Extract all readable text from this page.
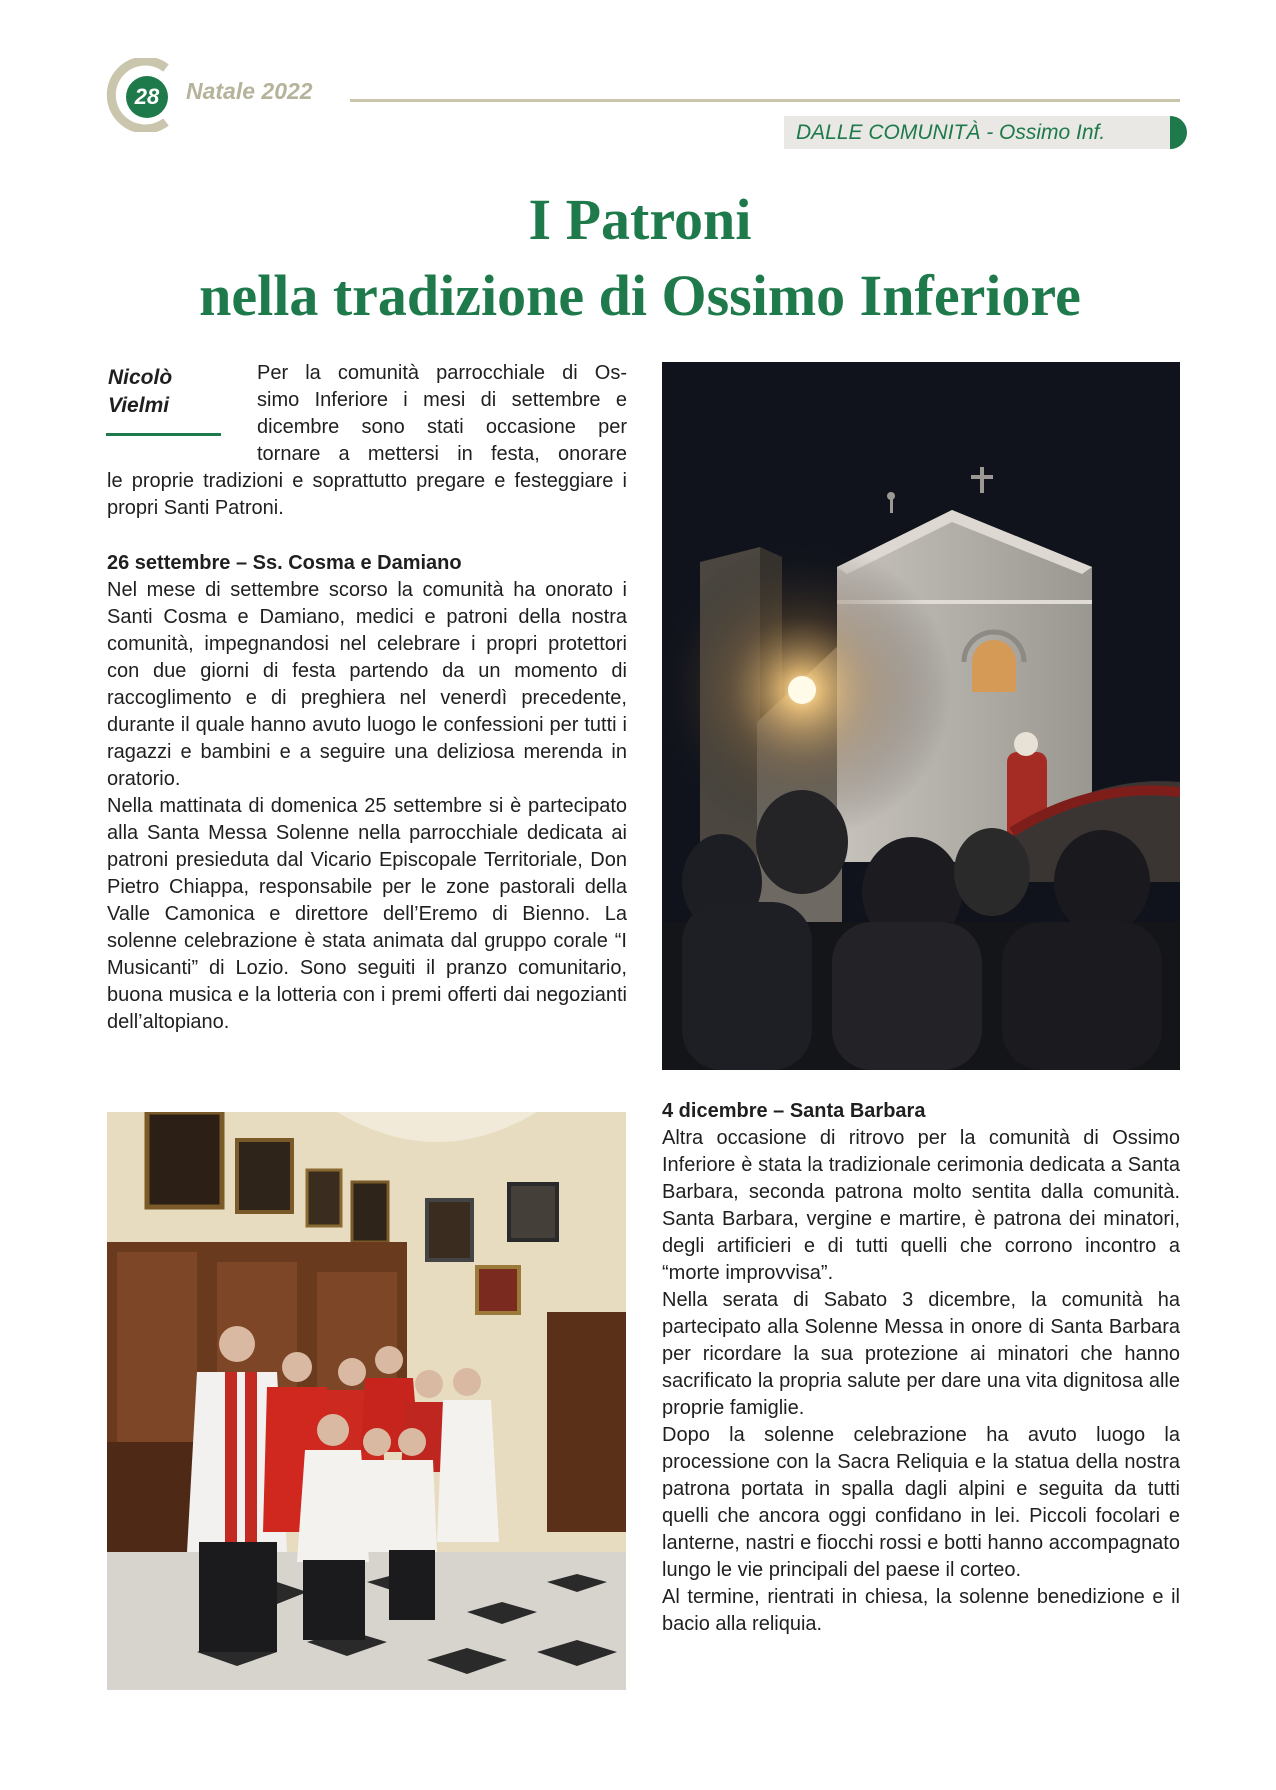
28	Natale 2022
DALLE COMUNITÀ - Ossimo Inf.
I Patroni
nella tradizione di Ossimo Inferiore
Nicolò
Vielmi
Per la comunità parrocchiale di Os-
simo Inferiore i mesi di settembre e
dicembre sono stati occasione per
tornare a mettersi in festa, onorare

le proprie tradizioni e soprattutto pregare e festeggiare i propri Santi Patroni.

26 settembre – Ss. Cosma e Damiano

Nel mese di settembre scorso la comunità ha onorato i Santi Cosma e Damiano, medici e patroni della nostra comunità, impegnandosi nel celebrare i propri protettori con due giorni di festa partendo da un momento di raccoglimento e di preghiera nel venerdì precedente, durante il quale hanno avuto luogo le confessioni per tutti i ragazzi e bambini e a seguire una deliziosa merenda in oratorio.

Nella mattinata di domenica 25 settembre si è partecipato alla Santa Messa Solenne nella parrocchiale dedicata ai patroni presieduta dal Vicario Episcopale Territoriale, Don Pietro Chiappa, responsabile per le zone pastorali della Valle Camonica e direttore dell’Eremo di Bienno. La solenne celebrazione è stata animata dal gruppo corale “I Musicanti” di Lozio. Sono seguiti il pranzo comunitario, buona musica e la lotteria con i premi offerti dai negozianti dell’altopiano.

4 dicembre – Santa Barbara

Altra occasione di ritrovo per la comunità di Ossimo Inferiore è stata la tradizionale cerimonia dedicata a Santa Barbara, seconda patrona molto sentita dalla comunità. Santa Barbara, vergine e martire, è patrona dei minatori, degli artificieri e di tutti quelli che corrono incontro a “morte improvvisa”.

Nella serata di Sabato 3 dicembre, la comunità ha partecipato alla Solenne Messa in onore di Santa Barbara per ricordare la sua protezione ai minatori che hanno sacrificato la propria salute per dare una vita dignitosa alle proprie famiglie.

Dopo la solenne celebrazione ha avuto luogo la processione con la Sacra Reliquia e la statua della nostra patrona portata in spalla dagli alpini e seguita da tutti quelli che ancora oggi confidano in lei. Piccoli focolari e lanterne, nastri e fiocchi rossi e botti hanno accompagnato lungo le vie principali del paese il corteo.

Al termine, rientrati in chiesa, la solenne benedizione e il bacio alla reliquia.
